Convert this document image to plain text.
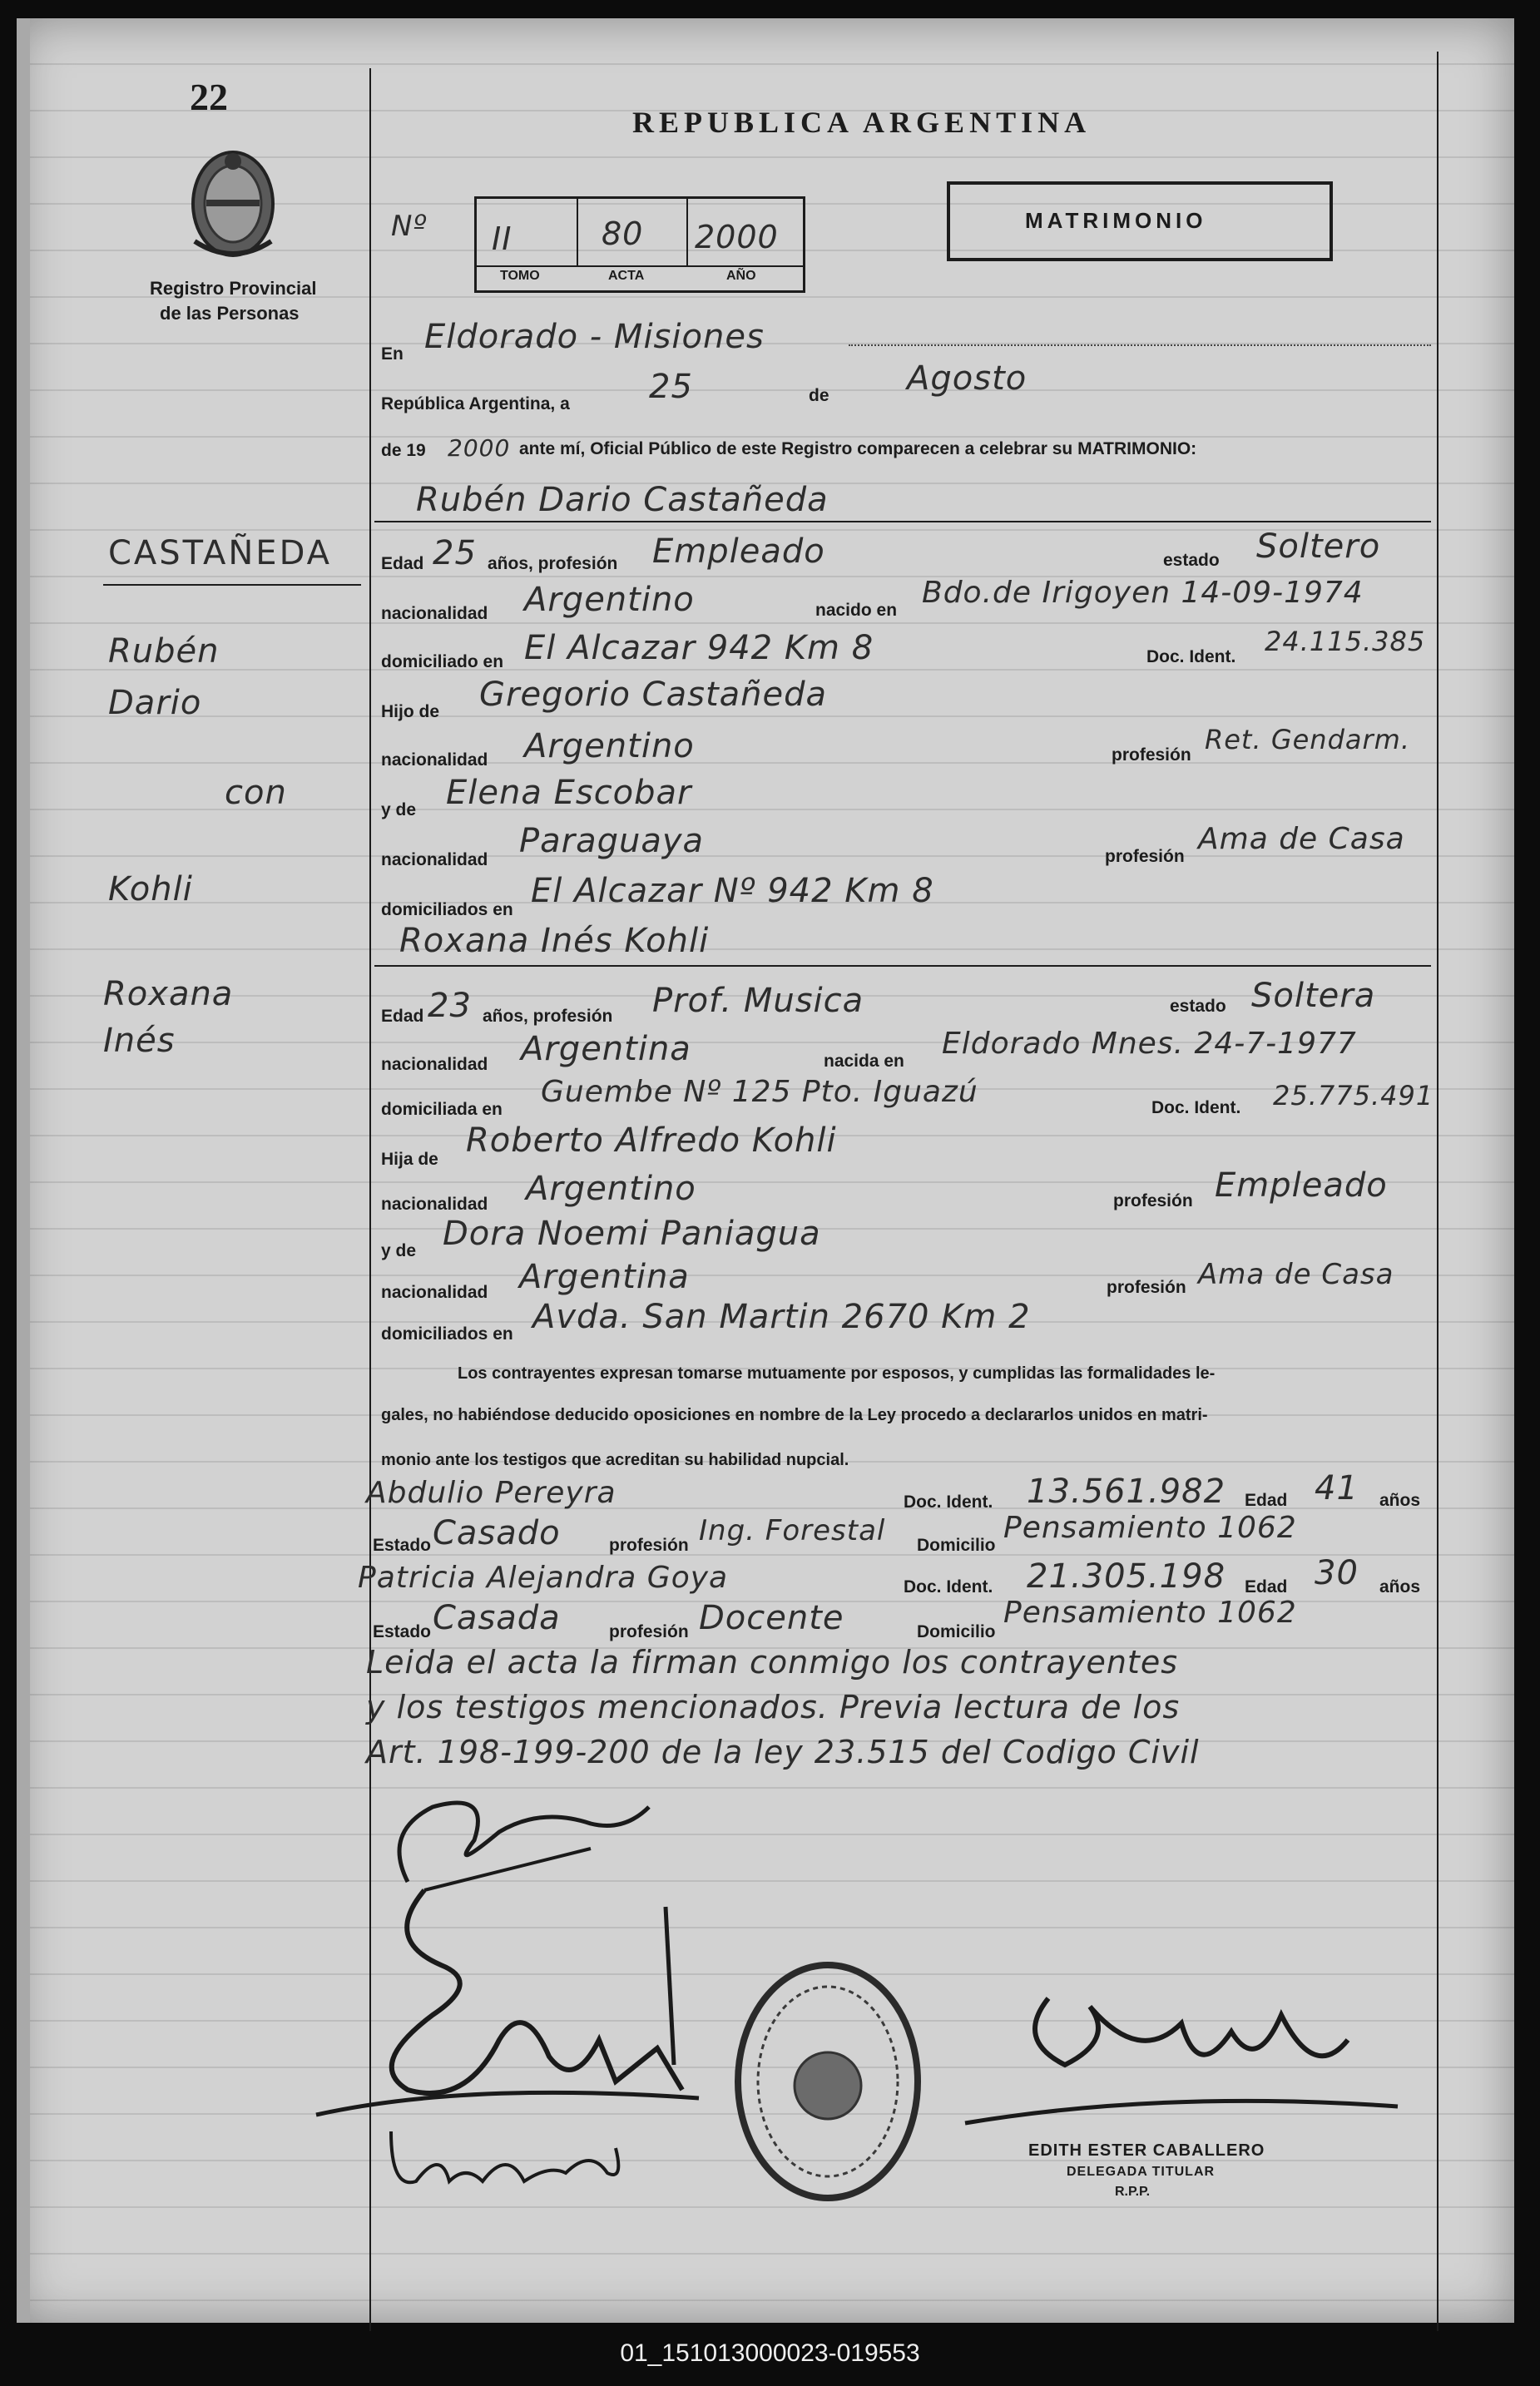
22
Registro Provincial
de las Personas
REPUBLICA ARGENTINA
Nº II	80 2000
TOMO	ACTA	AÑO
MATRIMONIO
CASTAÑEDA
Rubén
Dario
con
Kohli
Roxana
Inés
En Eldorado - Misiones
República Argentina, a 25	de Agosto
de 19 2000 ante mí, Oficial Público de este Registro comparecen a celebrar su MATRIMONIO:
Rubén Dario Castañeda
Edad 25 años, profesión Empleado	estado Soltero
nacionalidad Argentino	nacido en
Bdo.de Irigoyen 14-09-1974
domiciliado en El Alcazar 942 Km 8	Doc. Ident. 24.115.385
Hijo de Gregorio Castañeda
nacionalidad Argentino	profesión Ret. Gendarm.
y de Elena Escobar
nacionalidad Paraguaya	profesión
Ama de Casa
domiciliados en El Alcazar Nº 942 Km 8
Roxana Inés Kohli
Edad 23 años, profesión Prof. Musica	estado Soltera
nacionalidad Argentina	nacida en
Eldorado Mnes. 24-7-1977
domiciliada en
Guembe Nº 125 Pto. Iguazú	Doc. Ident. 25.775.491
Hija de Roberto Alfredo Kohli
nacionalidad Argentino	profesión Empleado
y de Dora Noemi Paniagua
nacionalidad Argentina	profesión Ama de Casa
domiciliados en Avda. San Martin 2670 Km 2
Los contrayentes expresan tomarse mutuamente por esposos, y cumplidas las formalidades le-
gales, no habiéndose deducido oposiciones en nombre de la Ley procedo a declararlos unidos en matri-
monio ante los testigos que acreditan su habilidad nupcial.
Abdulio Pereyra	Doc. Ident. 13.561.982 Edad 41 años
Estado Casado	profesión Ing. Forestal Domicilio
Pensamiento 1062
Patricia Alejandra Goya	Doc. Ident. 21.305.198 Edad 30 años
Estado Casada	profesión Docente	Domicilio
Pensamiento 1062
Leida el acta la firman conmigo los contrayentes
y los testigos mencionados. Previa lectura de los
Art. 198-199-200 de la ley 23.515 del Codigo Civil
EDITH ESTER CABALLERO
DELEGADA TITULAR
R.P.P.
01_151013000023-019553
